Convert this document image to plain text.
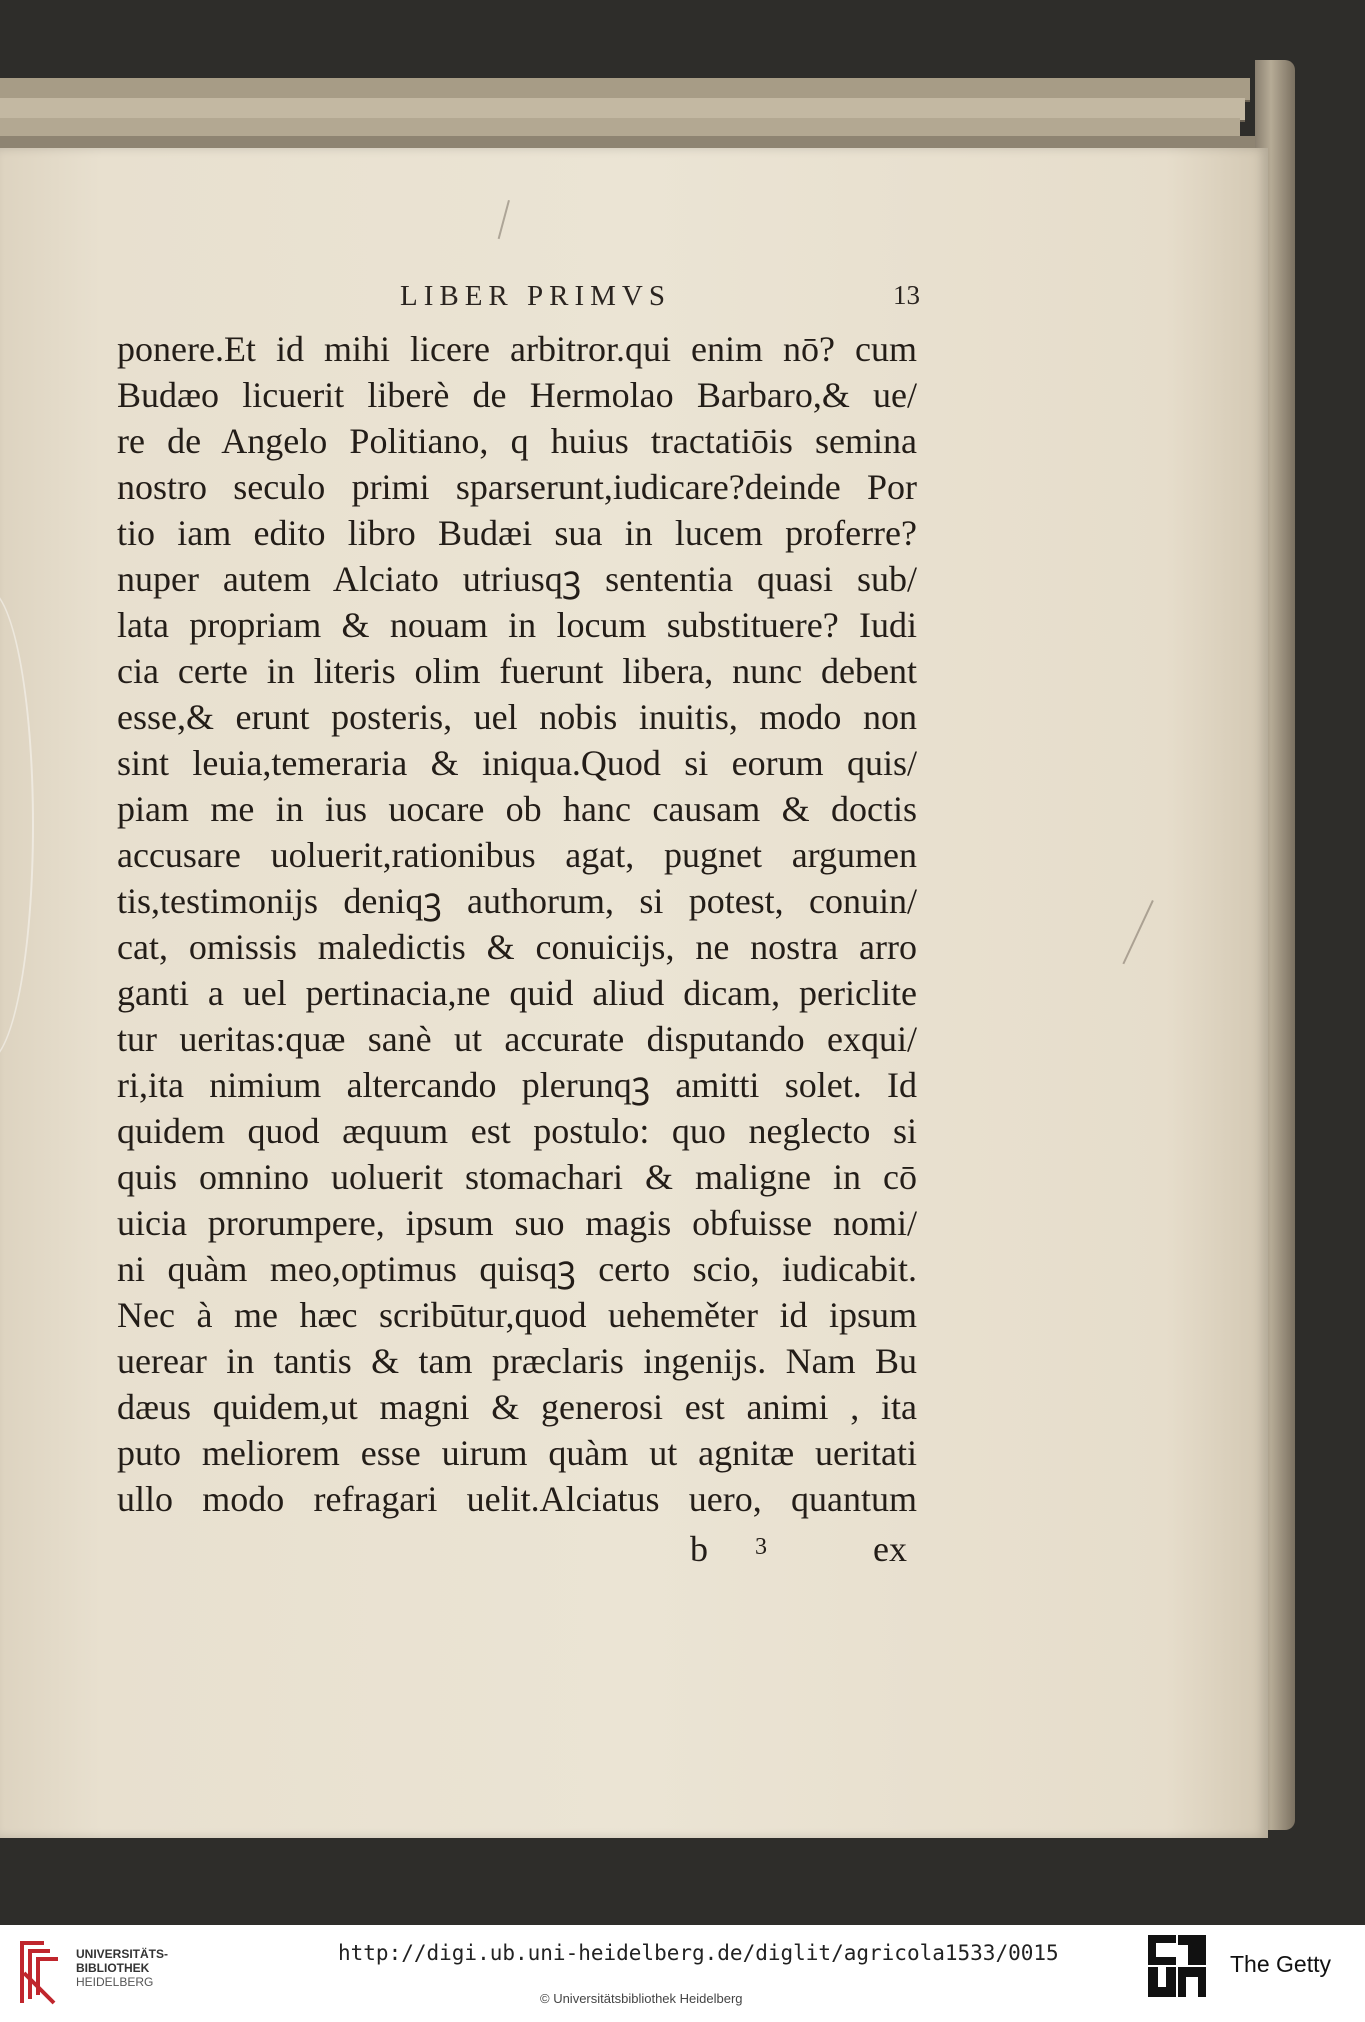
LIBER PRIMVS	13
ponere.Et id mihi licere arbitror.qui enim nō? cum
Budæo licuerit liberè de Hermolao Barbaro,& ue/
re de Angelo Politiano, q huius tractatiōis semina
nostro seculo primi sparserunt,iudicare?deinde Por
tio iam edito libro Budæi sua in lucem proferre?
nuper autem Alciato utriusqꝫ sententia quasi sub/
lata propriam & nouam in locum substituere? Iudi
cia certe in literis olim fuerunt libera, nunc debent
esse,& erunt posteris, uel nobis inuitis, modo non
sint leuia,temeraria & iniqua.Quod si eorum quis/
piam me in ius uocare ob hanc causam & doctis
accusare uoluerit,rationibus agat, pugnet argumen
tis,testimonijs deniqꝫ authorum, si potest, conuin/
cat, omissis maledictis & conuicijs, ne nostra arro
ganti a uel pertinacia,ne quid aliud dicam, periclite
tur ueritas:quæ sanè ut accurate disputando exqui/
ri,ita nimium altercando plerunqꝫ amitti solet. Id
quidem quod æquum est postulo: quo neglecto si
quis omnino uoluerit stomachari & maligne in cō
uicia prorumpere, ipsum suo magis obfuisse nomi/
ni quàm meo,optimus quisqꝫ certo scio, iudicabit.
Nec à me hæc scribūtur,quod ueheměter id ipsum
uerear in tantis & tam præclaris ingenijs. Nam Bu
dæus quidem,ut magni & generosi est animi , ita
puto meliorem esse uirum quàm ut agnitæ ueritati
ullo modo refragari uelit.Alciatus uero, quantum
b 3	ex
UNIVERSITÄTS-
BIBLIOTHEK
HEIDELBERG
http://digi.ub.uni-heidelberg.de/diglit/agricola1533/0015
© Universitätsbibliothek Heidelberg
The Getty
